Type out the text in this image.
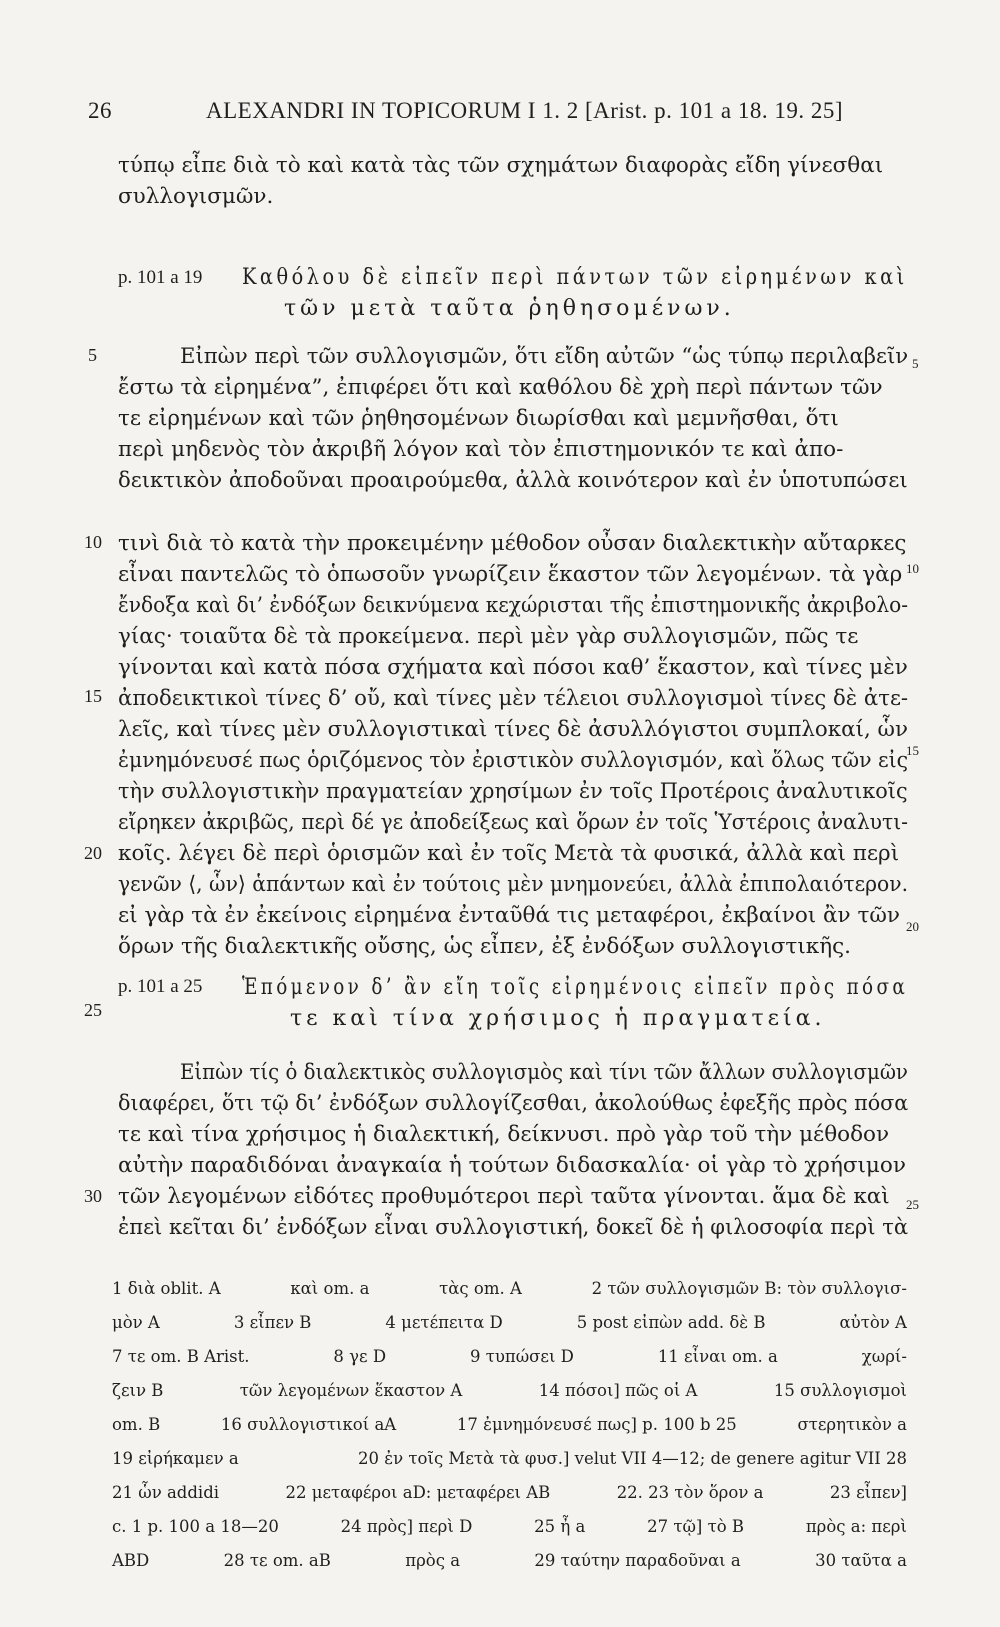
26	ALEXANDRI IN TOPICORUM I 1. 2 [Arist. p. 101 a 18. 19. 25]
p. 101 a 19
p. 101 a 25
5
10
15
20
25
30
5
10
15
20
25
τύπῳ εἶπε διὰ τὸ καὶ κατὰ τὰς τῶν σχημάτων διαφορὰς εἴδη γίνεσθαι
συλλογισμῶν.
Καθόλου δὲ εἰπεῖν περὶ πάντων τῶν εἰρημένων καὶ
τῶν μετὰ ταῦτα ῥηθησομένων.
Εἰπὼν περὶ τῶν συλλογισμῶν, ὅτι εἴδη αὐτῶν “ὡς τύπῳ περιλαβεῖν
ἔστω τὰ εἰρημένα”, ἐπιφέρει ὅτι καὶ καθόλου δὲ χρὴ περὶ πάντων τῶν
τε εἰρημένων καὶ τῶν ῥηθησομένων διωρίσθαι καὶ μεμνῆσθαι, ὅτι
περὶ μηδενὸς τὸν ἀκριβῆ λόγον καὶ τὸν ἐπιστημονικόν τε καὶ ἀπο-
δεικτικὸν ἀποδοῦναι προαιρούμεθα, ἀλλὰ κοινότερον καὶ ἐν ὑποτυπώσει
τινὶ διὰ τὸ κατὰ τὴν προκειμένην μέθοδον οὖσαν διαλεκτικὴν αὔταρκες
εἶναι παντελῶς τὸ ὁπωσοῦν γνωρίζειν ἕκαστον τῶν λεγομένων. τὰ γὰρ
ἔνδοξα καὶ δι’ ἐνδόξων δεικνύμενα κεχώρισται τῆς ἐπιστημονικῆς ἀκριβολο-
γίας· τοιαῦτα δὲ τὰ προκείμενα. περὶ μὲν γὰρ συλλογισμῶν, πῶς τε
γίνονται καὶ κατὰ πόσα σχήματα καὶ πόσοι καθ’ ἕκαστον, καὶ τίνες μὲν
ἀποδεικτικοὶ τίνες δ’ οὔ, καὶ τίνες μὲν τέλειοι συλλογισμοὶ τίνες δὲ ἀτε-
λεῖς, καὶ τίνες μὲν συλλογιστικαὶ τίνες δὲ ἀσυλλόγιστοι συμπλοκαί, ὧν
ἐμνημόνευσέ πως ὁριζόμενος τὸν ἐριστικὸν συλλογισμόν, καὶ ὅλως τῶν εἰς
τὴν συλλογιστικὴν πραγματείαν χρησίμων ἐν τοῖς Προτέροις ἀναλυτικοῖς
εἴρηκεν ἀκριβῶς, περὶ δέ γε ἀποδείξεως καὶ ὅρων ἐν τοῖς Ὑστέροις ἀναλυτι-
κοῖς. λέγει δὲ περὶ ὁρισμῶν καὶ ἐν τοῖς Μετὰ τὰ φυσικά, ἀλλὰ καὶ περὶ
γενῶν ⟨, ὧν⟩ ἁπάντων καὶ ἐν τούτοις μὲν μνημονεύει, ἀλλὰ ἐπιπολαιότερον.
εἰ γὰρ τὰ ἐν ἐκείνοις εἰρημένα ἐνταῦθά τις μεταφέροι, ἐκβαίνοι ἂν τῶν
ὅρων τῆς διαλεκτικῆς οὔσης, ὡς εἶπεν, ἐξ ἐνδόξων συλλογιστικῆς.
Ἑπόμενον δ’ ἂν εἴη τοῖς εἰρημένοις εἰπεῖν πρὸς πόσα
τε καὶ τίνα χρήσιμος ἡ πραγματεία.
Εἰπὼν τίς ὁ διαλεκτικὸς συλλογισμὸς καὶ τίνι τῶν ἄλλων συλλογισμῶν
διαφέρει, ὅτι τῷ δι’ ἐνδόξων συλλογίζεσθαι, ἀκολούθως ἐφεξῆς πρὸς πόσα
τε καὶ τίνα χρήσιμος ἡ διαλεκτική, δείκνυσι. πρὸ γὰρ τοῦ τὴν μέθοδον
αὐτὴν παραδιδόναι ἀναγκαία ἡ τούτων διδασκαλία· οἱ γὰρ τὸ χρήσιμον
τῶν λεγομένων εἰδότες προθυμότεροι περὶ ταῦτα γίνονται. ἅμα δὲ καὶ
ἐπεὶ κεῖται δι’ ἐνδόξων εἶναι συλλογιστική, δοκεῖ δὲ ἡ φιλοσοφία περὶ τὰ
1 διὰ oblit. A	καὶ om. a	τὰς om. A	2 τῶν συλλογισμῶν B: τὸν συλλογισ-
μὸν A	3 εἶπεν B	4 μετέπειτα D	5 post εἰπὼν add. δὲ B	αὐτὸν A
7 τε om. B Arist.	8 γε D	9 τυπώσει D	11 εἶναι om. a	χωρί-
ζειν B	τῶν λεγομένων ἕκαστον A	14 πόσοι] πῶς οἱ A	15 συλλογισμοὶ
om. B	16 συλλογιστικοί aA	17 ἐμνημόνευσέ πως] p. 100 b 25	στερητικὸν a
19 εἰρήκαμεν a	20 ἐν τοῖς Μετὰ τὰ φυσ.] velut VII 4—12; de genere agitur VII 28
21 ὧν addidi	22 μεταφέροι aD: μεταφέρει AB	22. 23 τὸν ὅρον a	23 εἶπεν]
c. 1 p. 100 a 18—20	24 πρὸς] περὶ D	25 ἦ a	27 τῷ] τὸ B	πρὸς a: περὶ
ABD	28 τε om. aB	πρὸς a	29 ταύτην παραδοῦναι a	30 ταῦτα a
